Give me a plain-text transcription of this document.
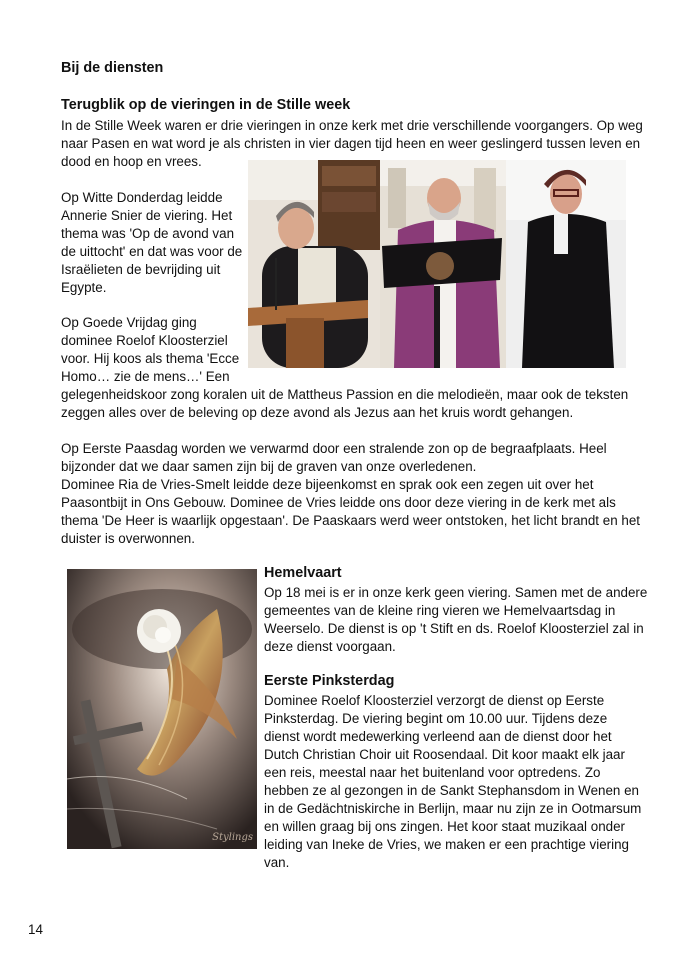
Bij de diensten
Terugblik op de vieringen in de Stille week

In de Stille Week waren er drie vieringen in onze kerk met drie verschillende voorgangers. Op weg

naar Pasen en wat word je als christen in vier dagen tijd heen en weer geslingerd tussen leven en

dood en hoop en vrees.

Op Witte Donderdag leidde

Annerie Snier de viering. Het

thema was 'Op de avond van

de uittocht' en dat was voor de

Israëlieten de bevrijding uit

Egypte.

Op Goede Vrijdag ging

dominee Roelof Kloosterziel

voor. Hij koos als thema 'Ecce

Homo… zie de mens…' Een

gelegenheidskoor zong koralen uit de Mattheus Passion en die melodieën, maar ook de teksten

zeggen alles over de beleving op deze avond als Jezus aan het kruis wordt gehangen.

Op Eerste Paasdag worden we verwarmd door een stralende zon op de begraafplaats. Heel

bijzonder dat we daar samen zijn bij de graven van onze overledenen.

Dominee Ria de Vries-Smelt leidde deze bijeenkomst en sprak ook een zegen uit over het

Paasontbijt in Ons Gebouw. Dominee de Vries leidde ons door deze viering in de kerk met als

thema 'De Heer is waarlijk opgestaan'. De Paaskaars werd weer ontstoken, het licht brandt en het

duister is overwonnen.

Stylings
Hemelvaart

Op 18 mei is er in onze kerk geen viering. Samen met de andere

gemeentes van de kleine ring vieren we Hemelvaartsdag in

Weerselo. De dienst is op 't Stift en ds. Roelof Kloosterziel zal in

deze dienst voorgaan.

Eerste Pinksterdag

Dominee Roelof Kloosterziel verzorgt de dienst op Eerste

Pinksterdag. De viering begint om 10.00 uur. Tijdens deze

dienst wordt medewerking verleend aan de dienst door het

Dutch Christian Choir uit Roosendaal. Dit koor maakt elk jaar

een reis, meestal naar het buitenland voor optredens. Zo

hebben ze al gezongen in de Sankt Stephansdom in Wenen en

in de Gedächtniskirche in Berlijn, maar nu zijn ze in Ootmarsum

en willen graag bij ons zingen. Het koor staat muzikaal onder

leiding van Ineke de Vries, we maken er een prachtige viering

van.

14
